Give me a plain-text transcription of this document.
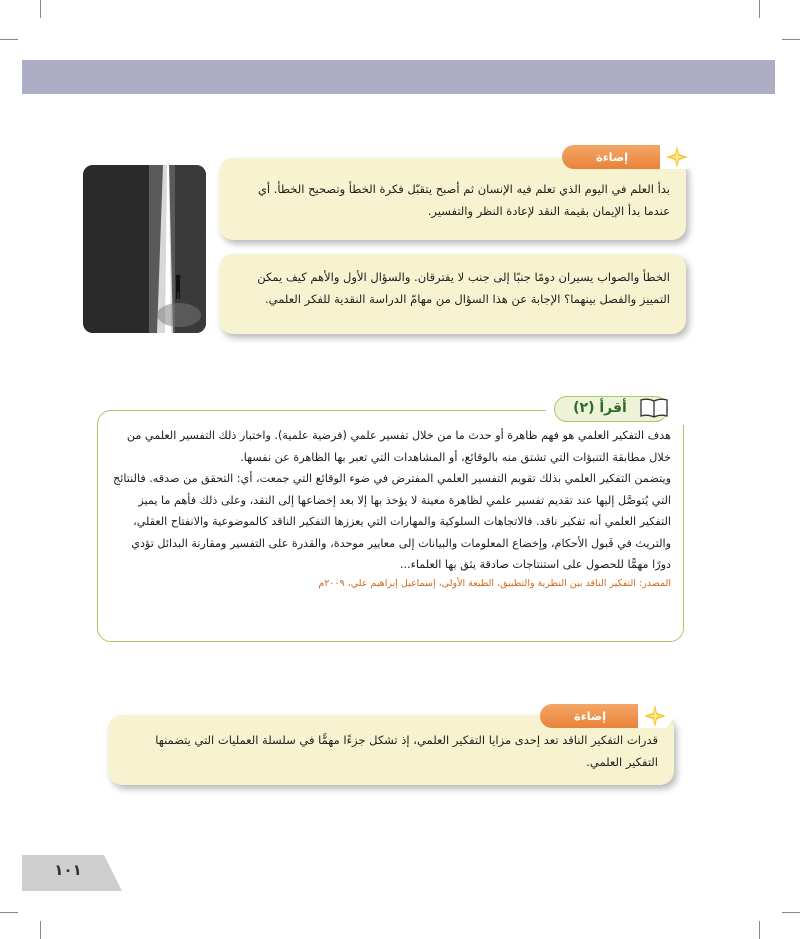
بدأ العلم في اليوم الذي تعلم فيه الإنسان ثم أصبح يتقبّل فكرة الخطأ وتصحيح الخطأ. أي عندما بدأ الإيمان بقيمة النقد لإعادة النظر والتفسير.
إضاءة
الخطأ والصواب يسيران دومًا جنبًا إلى جنب لا يفترقان. والسؤال الأول والأهم كيف يمكن التمييز والفصل بينهما؟ الإجابة عن هذا السؤال من مهامّ الدراسة النقدية للفكر العلمي.
هدف التفكير العلمي هو فهم ظاهرة أو حدث ما من خلال تفسير علمي (فرضية علمية). واختبار ذلك التفسير العلمي من خلال مطابقة التنبؤات التي تشتق منه بالوقائع، أو المشاهدات التي تعبر بها الظاهرة عن نفسها.
ويتضمن التفكير العلمي بذلك تقويم التفسير العلمي المفترض في ضوء الوقائع التي جمعت، أي: التحقق من صدقه. فالنتائج التي يُتوصَّل إليها عند تقديم تفسير علمي لظاهرة معينة لا يؤخذ بها إلا بعد إخضاعها إلى النقد، وعلى ذلك فأهم ما يميز التفكير العلمي أنه تفكير ناقد. فالاتجاهات السلوكية والمهارات التي يعززها التفكير الناقد كالموضوعية والانفتاح العقلي، والتريث في قَبول الأحكام، وإخضاع المعلومات والبيانات إلى معايير موحدة، والقدرة على التفسير ومقارنة البدائل تؤدي دورًا مهمًّا للحصول على استنتاجات صادقة يثق بها العلماء...
المصدر: التفكير الناقد بين النظرية والتطبيق، الطبعة الأولى، إسماعيل إبراهيم علي، ٢٠٠٩م
أقرأ (٢)
قدرات التفكير الناقد تعد إحدى مزايا التفكير العلمي، إذ تشكل جزءًا مهمًّا في سلسلة العمليات التي يتضمنها التفكير العلمي.
إضاءة
١٠١
